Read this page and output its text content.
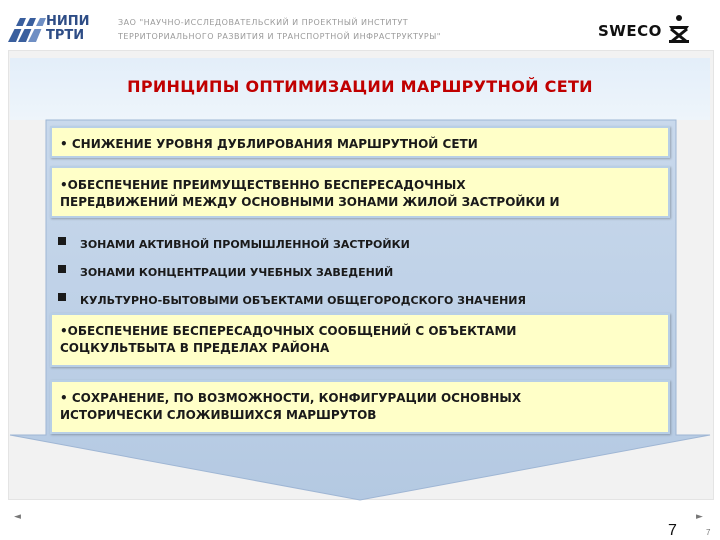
НИПИ
ТРТИ
ЗАО "НАУЧНО-ИССЛЕДОВАТЕЛЬСКИЙ И ПРОЕКТНЫЙ ИНСТИТУТ
ТЕРРИТОРИАЛЬНОГО РАЗВИТИЯ И ТРАНСПОРТНОЙ ИНФРАСТРУКТУРЫ"	SWECO
ПРИНЦИПЫ ОПТИМИЗАЦИИ МАРШРУТНОЙ СЕТИ
• СНИЖЕНИЕ УРОВНЯ ДУБЛИРОВАНИЯ МАРШРУТНОЙ СЕТИ
•ОБЕСПЕЧЕНИЕ ПРЕИМУЩЕСТВЕННО БЕСПЕРЕСАДОЧНЫХ
ПЕРЕДВИЖЕНИЙ МЕЖДУ ОСНОВНЫМИ ЗОНАМИ ЖИЛОЙ ЗАСТРОЙКИ И
ЗОНАМИ АКТИВНОЙ ПРОМЫШЛЕННОЙ ЗАСТРОЙКИ
ЗОНАМИ КОНЦЕНТРАЦИИ УЧЕБНЫХ ЗАВЕДЕНИЙ
КУЛЬТУРНО-БЫТОВЫМИ ОБЪЕКТАМИ ОБЩЕГОРОДСКОГО ЗНАЧЕНИЯ
•ОБЕСПЕЧЕНИЕ БЕСПЕРЕСАДОЧНЫХ СООБЩЕНИЙ С ОБЪЕКТАМИ
СОЦКУЛЬТБЫТА В ПРЕДЕЛАХ РАЙОНА
• СОХРАНЕНИЕ, ПО ВОЗМОЖНОСТИ, КОНФИГУРАЦИИ ОСНОВНЫХ
ИСТОРИЧЕСКИ СЛОЖИВШИХСЯ МАРШРУТОВ
◄	►
7	7
